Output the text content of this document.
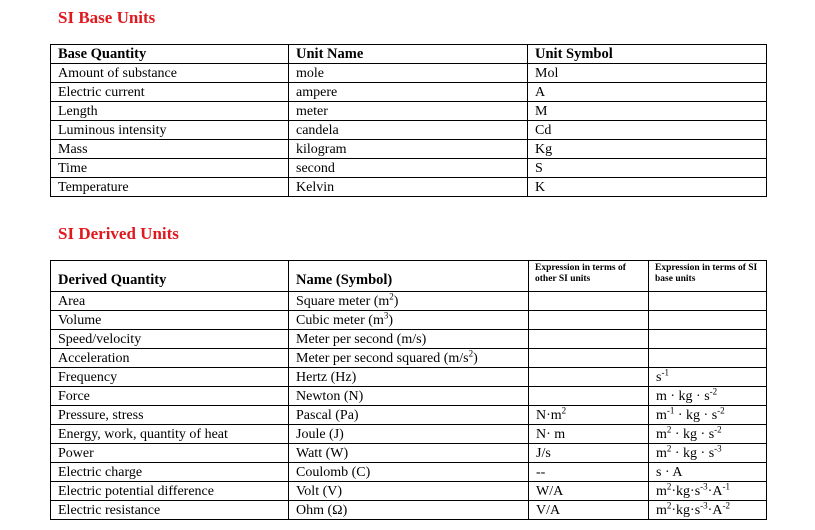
SI Base Units
Base Quantity	Unit Name	Unit Symbol
Amount of substance	mole	Mol
Electric current	ampere	A
Length	meter	M
Luminous intensity	candela	Cd
Mass	kilogram	Kg
Time	second	S
Temperature	Kelvin	K
SI Derived Units
Derived Quantity	Name (Symbol)	Expression in terms of other SI units	Expression in terms of SI base units
Area	Square meter $(m^2)$		
Volume	Cubic meter $(m^3)$		
Speed/velocity	Meter per second (m/s)		
Acceleration	Meter per second squared $(m/s^2)$		
Frequency	Hertz (Hz)		$s^{-1}$
Force	Newton (N)		m · kg · $s^{-2}$
Pressure, stress	Pascal (Pa)	$N\cdot m^2$	$m^{-1}$ · kg · $s^{-2}$
Energy, work, quantity of heat	Joule (J)	N· m	$m^2$ · kg · $s^{-2}$
Power	Watt (W)	J/s	$m^2$ · kg · $s^{-3}$
Electric charge	Coulomb (C)	--	s · A
Electric potential difference	Volt (V)	W/A	$m^2\cdot kg\cdot s^{-3}\cdot A^{-1}$
Electric resistance	Ohm (Ω)	V/A	$m^2\cdot kg\cdot s^{-3}\cdot A^{-2}$
